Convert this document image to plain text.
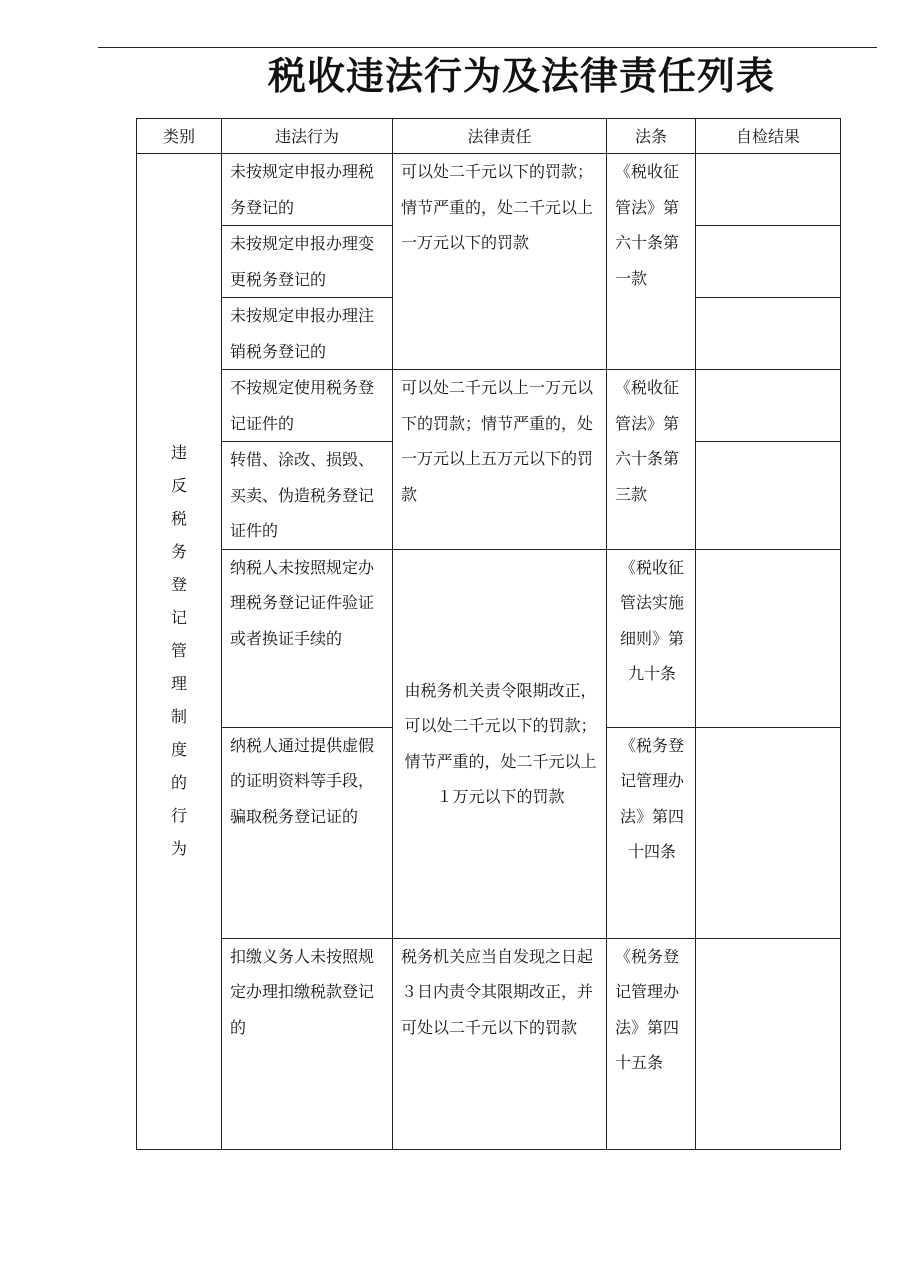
税收违法行为及法律责任列表
类别	违法行为	法律责任	法条	自检结果
违反税务登记管理制度的行为	未按规定申报办理税务登记的	可以处二千元以下的罚款；情节严重的，处二千元以上一万元以下的罚款	《税收征管法》第六十条第一款	
	未按规定申报办理变更税务登记的			
	未按规定申报办理注销税务登记的			
	不按规定使用税务登记证件的	可以处二千元以上一万元以下的罚款；情节严重的，处一万元以上五万元以下的罚款	《税收征管法》第六十条第三款	
	转借、涂改、损毁、买卖、伪造税务登记证件的			
	纳税人未按照规定办理税务登记证件验证或者换证手续的	由税务机关责令限期改正，可以处二千元以下的罚款；情节严重的，处二千元以上１万元以下的罚款	《税收征管法实施细则》第九十条	
	纳税人通过提供虚假的证明资料等手段，骗取税务登记证的		《税务登记管理办法》第四十四条	
	扣缴义务人未按照规定办理扣缴税款登记的	税务机关应当自发现之日起３日内责令其限期改正，并可处以二千元以下的罚款	《税务登记管理办法》第四十五条	
